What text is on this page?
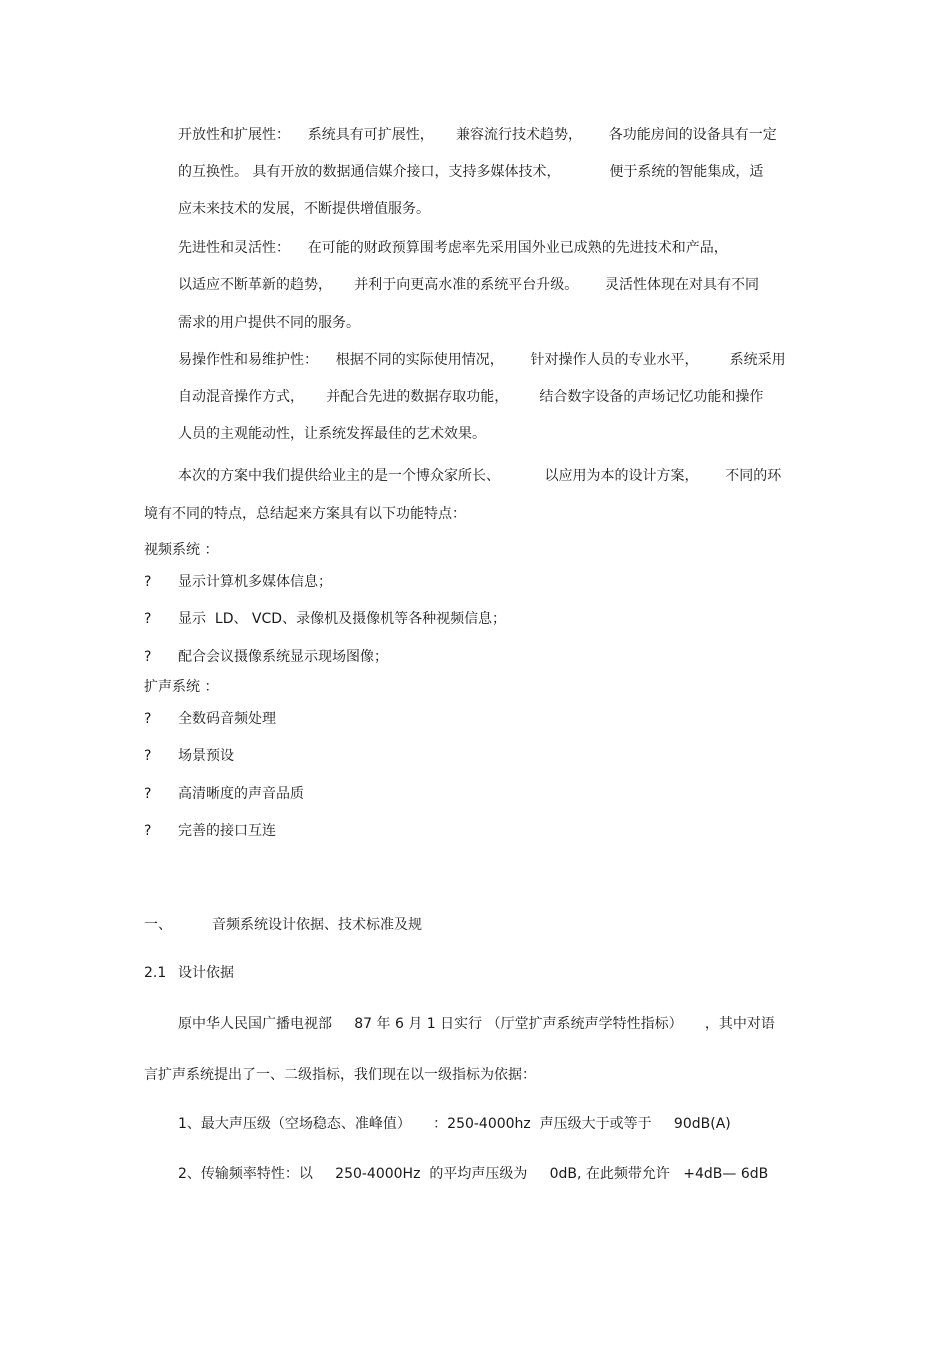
开放性和扩展性：    系统具有可扩展性，     兼容流行技术趋势，      各功能房间的设备具有一定
的互换性。 具有开放的数据通信媒介接口，支持多媒体技术，           便于系统的智能集成，适
应未来技术的发展，不断提供增值服务。
先进性和灵活性：    在可能的财政预算围考虑率先采用国外业已成熟的先进技术和产品，
以适应不断革新的趋势，     并利于向更高水准的系统平台升级。      灵活性体现在对具有不同
需求的用户提供不同的服务。
易操作性和易维护性：    根据不同的实际使用情况，      针对操作人员的专业水平，       系统采用
自动混音操作方式，     并配合先进的数据存取功能，       结合数字设备的声场记忆功能和操作
人员的主观能动性，让系统发挥最佳的艺术效果。
本次的方案中我们提供给业主的是一个博众家所长、          以应用为本的设计方案，      不同的环
境有不同的特点，总结起来方案具有以下功能特点：
视频系统 ：
?	显示计算机多媒体信息；
?	显示  LD、 VCD、录像机及摄像机等各种视频信息；
?	配合会议摄像系统显示现场图像；
扩声系统 ：
?	全数码音频处理
?	场景预设
?	高清晰度的声音品质
?	完善的接口互连
一、	音频系统设计依据、技术标准及规
2.1 设计依据
原中华人民国广播电视部     87 年 6 月 1 日实行 （厅堂扩声系统声学特性指标）     ，其中对语
言扩声系统提出了一、二级指标，我们现在以一级指标为依据：
1、最大声压级（空场稳态、准峰值）     ：250-4000hz  声压级大于或等于     90dB(A)
2、传输频率特性：以     250-4000Hz  的平均声压级为     0dB, 在此频带允许   +4dB— 6dB
